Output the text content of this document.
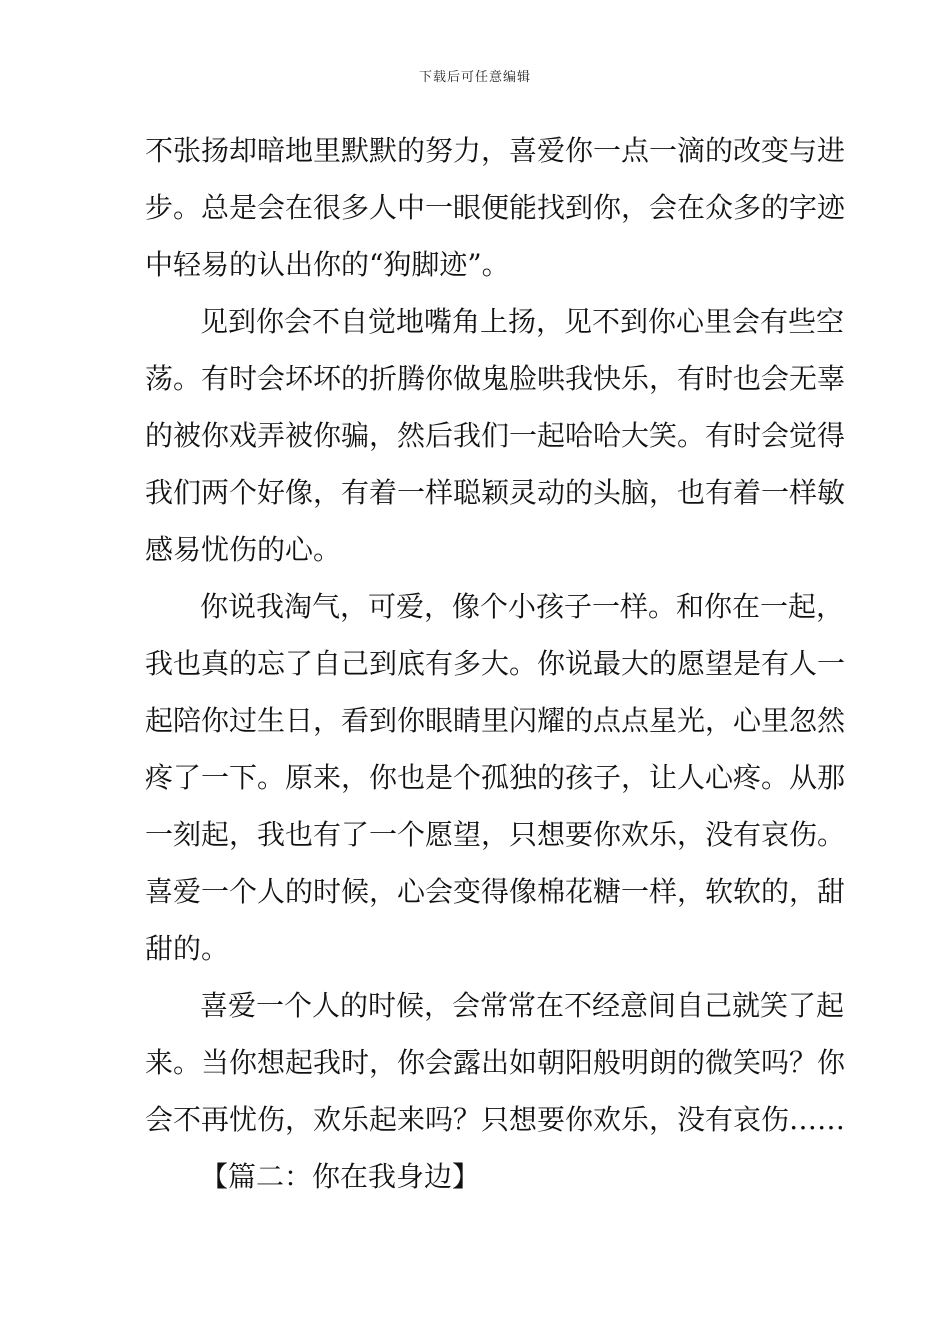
下载后可任意编辑
不张扬却暗地里默默的努力，喜爱你一点一滴的改变与进
步。总是会在很多人中一眼便能找到你，会在众多的字迹
中轻易的认出你的“狗脚迹”。
见到你会不自觉地嘴角上扬，见不到你心里会有些空
荡。有时会坏坏的折腾你做鬼脸哄我快乐，有时也会无辜
的被你戏弄被你骗，然后我们一起哈哈大笑。有时会觉得
我们两个好像，有着一样聪颖灵动的头脑，也有着一样敏
感易忧伤的心。
你说我淘气，可爱，像个小孩子一样。和你在一起，
我也真的忘了自己到底有多大。你说最大的愿望是有人一
起陪你过生日，看到你眼睛里闪耀的点点星光，心里忽然
疼了一下。原来，你也是个孤独的孩子，让人心疼。从那
一刻起，我也有了一个愿望，只想要你欢乐，没有哀伤。
喜爱一个人的时候，心会变得像棉花糖一样，软软的，甜
甜的。
喜爱一个人的时候，会常常在不经意间自己就笑了起
来。当你想起我时，你会露出如朝阳般明朗的微笑吗？你
会不再忧伤，欢乐起来吗？只想要你欢乐，没有哀伤……
【篇二：你在我身边】
